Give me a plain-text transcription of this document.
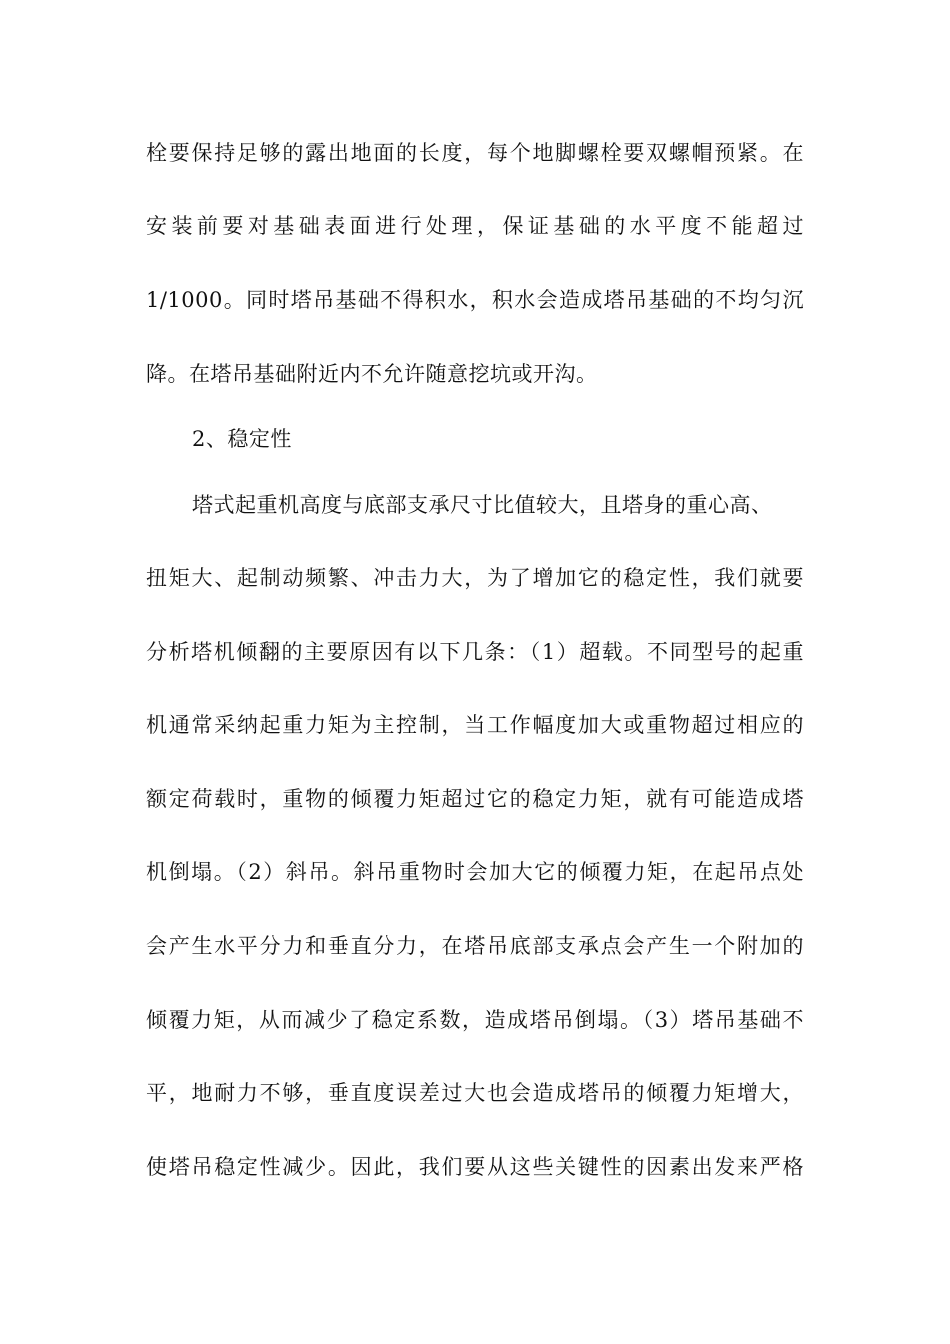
栓要保持足够的露出地面的长度，每个地脚螺栓要双螺帽预紧。在
安装前要对基础表面进行处理，保证基础的水平度不能超过
1/1000。同时塔吊基础不得积水，积水会造成塔吊基础的不均匀沉
降。在塔吊基础附近内不允许随意挖坑或开沟。
2、稳定性
塔式起重机高度与底部支承尺寸比值较大，且塔身的重心高、
扭矩大、起制动频繁、冲击力大，为了增加它的稳定性，我们就要
分析塔机倾翻的主要原因有以下几条：（1）超载。不同型号的起重
机通常采纳起重力矩为主控制，当工作幅度加大或重物超过相应的
额定荷载时，重物的倾覆力矩超过它的稳定力矩，就有可能造成塔
机倒塌。（2）斜吊。斜吊重物时会加大它的倾覆力矩，在起吊点处
会产生水平分力和垂直分力，在塔吊底部支承点会产生一个附加的
倾覆力矩，从而减少了稳定系数，造成塔吊倒塌。（3）塔吊基础不
平，地耐力不够，垂直度误差过大也会造成塔吊的倾覆力矩增大，
使塔吊稳定性减少。因此，我们要从这些关键性的因素出发来严格
